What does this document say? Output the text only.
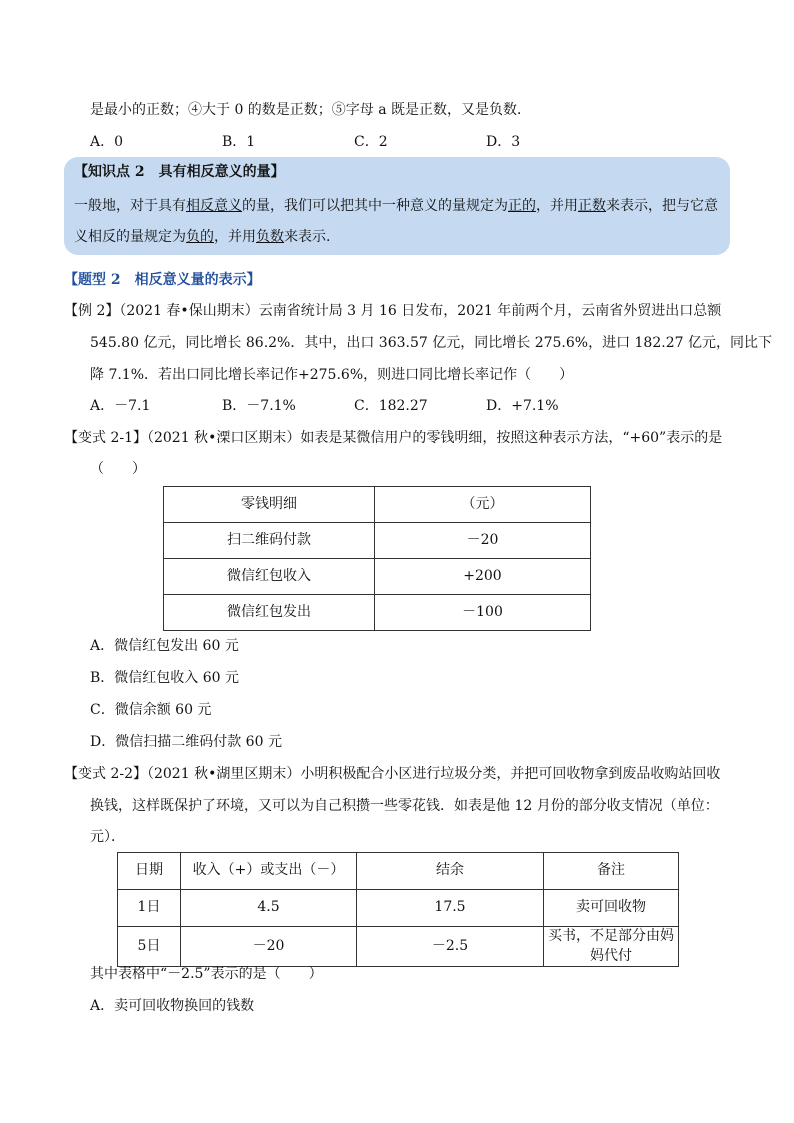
是最小的正数；④大于 0 的数是正数；⑤字母 a 既是正数，又是负数．
A．0	B．1	C．2	D．3
【知识点 2　具有相反意义的量】
一般地，对于具有相反意义的量，我们可以把其中一种意义的量规定为正的，并用正数来表示，把与它意
义相反的量规定为负的，并用负数来表示.
【题型 2　相反意义量的表示】
【例 2】（2021 春•保山期末）云南省统计局 3 月 16 日发布，2021 年前两个月，云南省外贸进出口总额
545.80 亿元，同比增长 86.2%．其中，出口 363.57 亿元，同比增长 275.6%，进口 182.27 亿元，同比下
降 7.1%．若出口同比增长率记作+275.6%，则进口同比增长率记作（　　）
A．－7.1	B．－7.1%	C．182.27	D．+7.1%
【变式 2-1】（2021 秋•溧口区期末）如表是某微信用户的零钱明细，按照这种表示方法，“+60”表示的是
（　　）
零钱明细	（元）
扫二维码付款	－20
微信红包收入	+200
微信红包发出	－100
A．微信红包发出 60 元
B．微信红包收入 60 元
C．微信余额 60 元
D．微信扫描二维码付款 60 元
【变式 2-2】（2021 秋•湖里区期末）小明积极配合小区进行垃圾分类，并把可回收物拿到废品收购站回收
换钱，这样既保护了环境，又可以为自己积攒一些零花钱．如表是他 12 月份的部分收支情况（单位：
元）．
日期	收入（+）或支出（－）	结余	备注
1日	4.5	17.5	卖可回收物
5日	－20	－2.5	买书，不足部分由妈妈代付
其中表格中“－2.5”表示的是（　　）
A．卖可回收物换回的钱数
